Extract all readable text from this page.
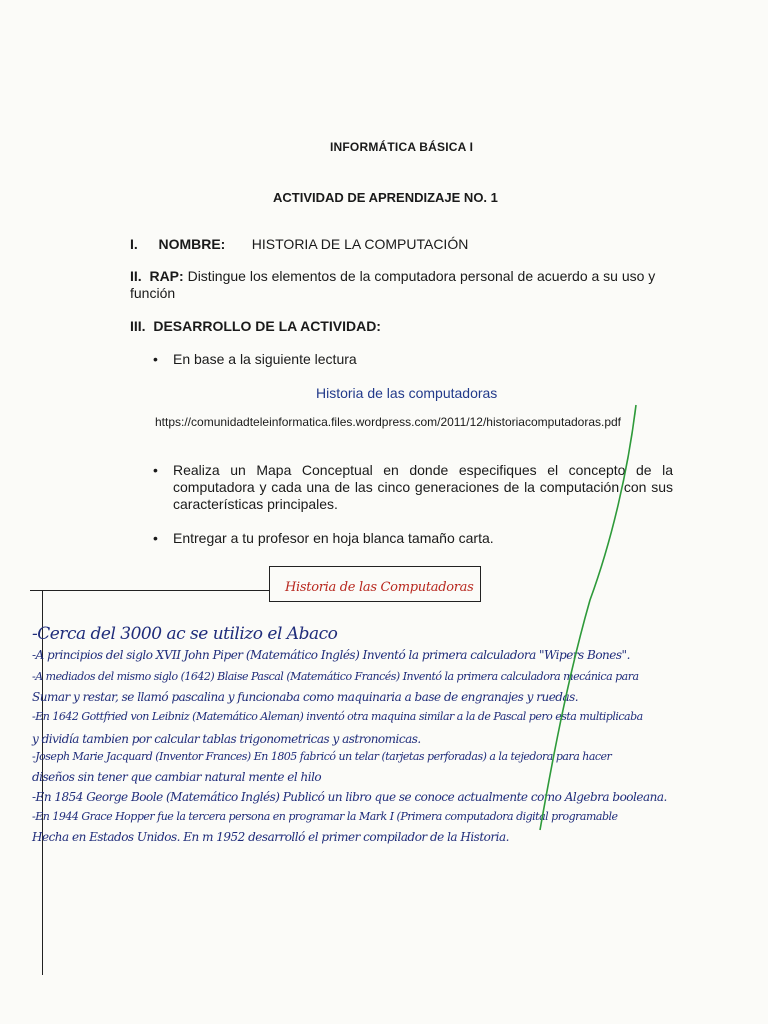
INFORMÁTICA BÁSICA I
ACTIVIDAD DE APRENDIZAJE NO. 1
I. NOMBRE: HISTORIA DE LA COMPUTACIÓN
II. RAP: Distingue los elementos de la computadora personal de acuerdo a su uso y función
III. DESARROLLO DE LA ACTIVIDAD:
• En base a la siguiente lectura
Historia de las computadoras
https://comunidadteleinformatica.files.wordpress.com/2011/12/historiacomputadoras.pdf
• Realiza un Mapa Conceptual en donde especifiques el concepto de la computadora y cada una de las cinco generaciones de la computación con sus características principales.
• Entregar a tu profesor en hoja blanca tamaño carta.
Historia de las Computadoras
-Cerca del 3000 ac se utilizo el Abaco
-A principios del siglo XVII John Piper (Matemático Inglés) Inventó la primera calculadora "Wipers Bones".
-A mediados del mismo siglo (1642) Blaise Pascal (Matemático Francés) Inventó la primera calculadora mecánica para
Sumar y restar, se llamó pascalina y funcionaba como maquinaria a base de engranajes y ruedas.
-En 1642 Gottfried von Leibniz (Matemático Aleman) inventó otra maquina similar a la de Pascal pero esta multiplicaba
y dividía tambien por calcular tablas trigonometricas y astronomicas.
-Joseph Marie Jacquard (Inventor Frances) En 1805 fabricó un telar (tarjetas perforadas) a la tejedora para hacer
diseños sin tener que cambiar natural mente el hilo
-En 1854 George Boole (Matemático Inglés) Publicó un libro que se conoce actualmente como Algebra booleana.
-En 1944 Grace Hopper fue la tercera persona en programar la Mark I (Primera computadora digital programable
Hecha en Estados Unidos. En m 1952 desarrolló el primer compilador de la Historia.
